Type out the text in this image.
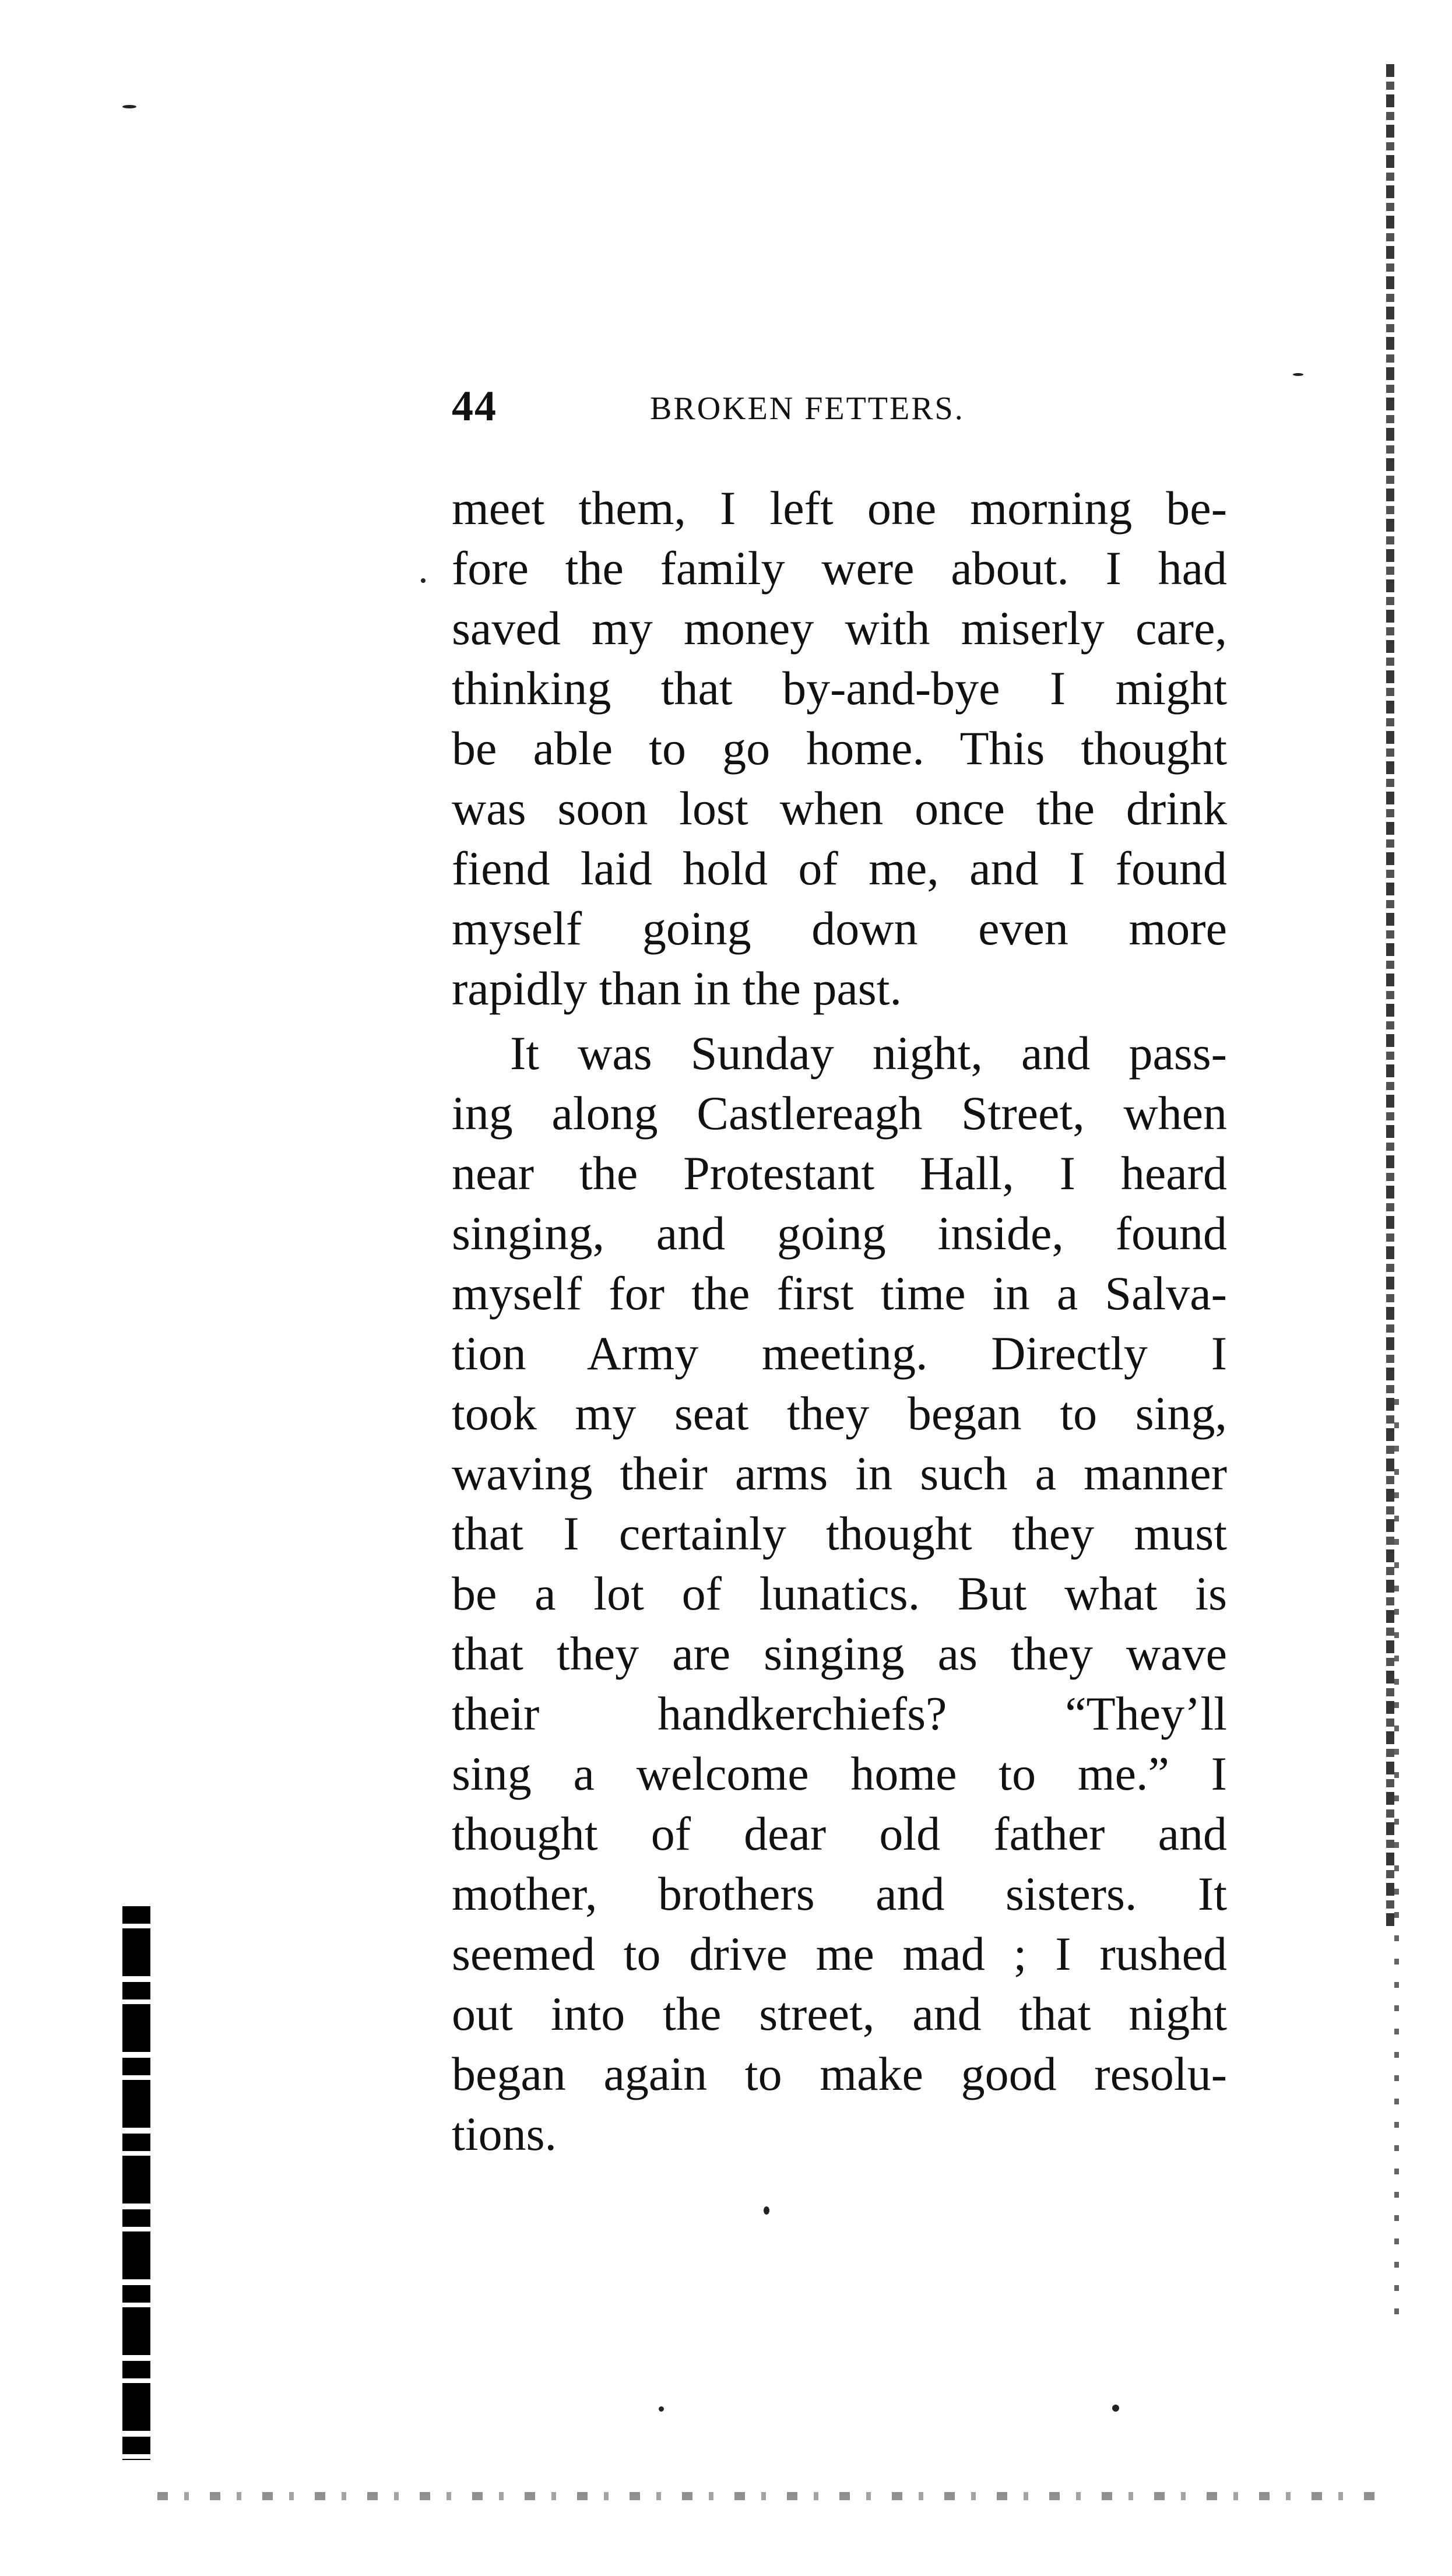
44	BROKEN FETTERS.
meet them, I left one morning be-
fore the family were about. I had
saved my money with miserly care,
thinking that by-and-bye I might
be able to go home. This thought
was soon lost when once the drink
fiend laid hold of me, and I found
myself going down even more
rapidly than in the past.
It was Sunday night, and pass-
ing along Castlereagh Street, when
near the Protestant Hall, I heard
singing, and going inside, found
myself for the first time in a Salva-
tion Army meeting. Directly I
took my seat they began to sing,
waving their arms in such a manner
that I certainly thought they must
be a lot of lunatics. But what is
that they are singing as they wave
their handkerchiefs? “They’ll
sing a welcome home to me.” I
thought of dear old father and
mother, brothers and sisters. It
seemed to drive me mad ; I rushed
out into the street, and that night
began again to make good resolu-
tions.
